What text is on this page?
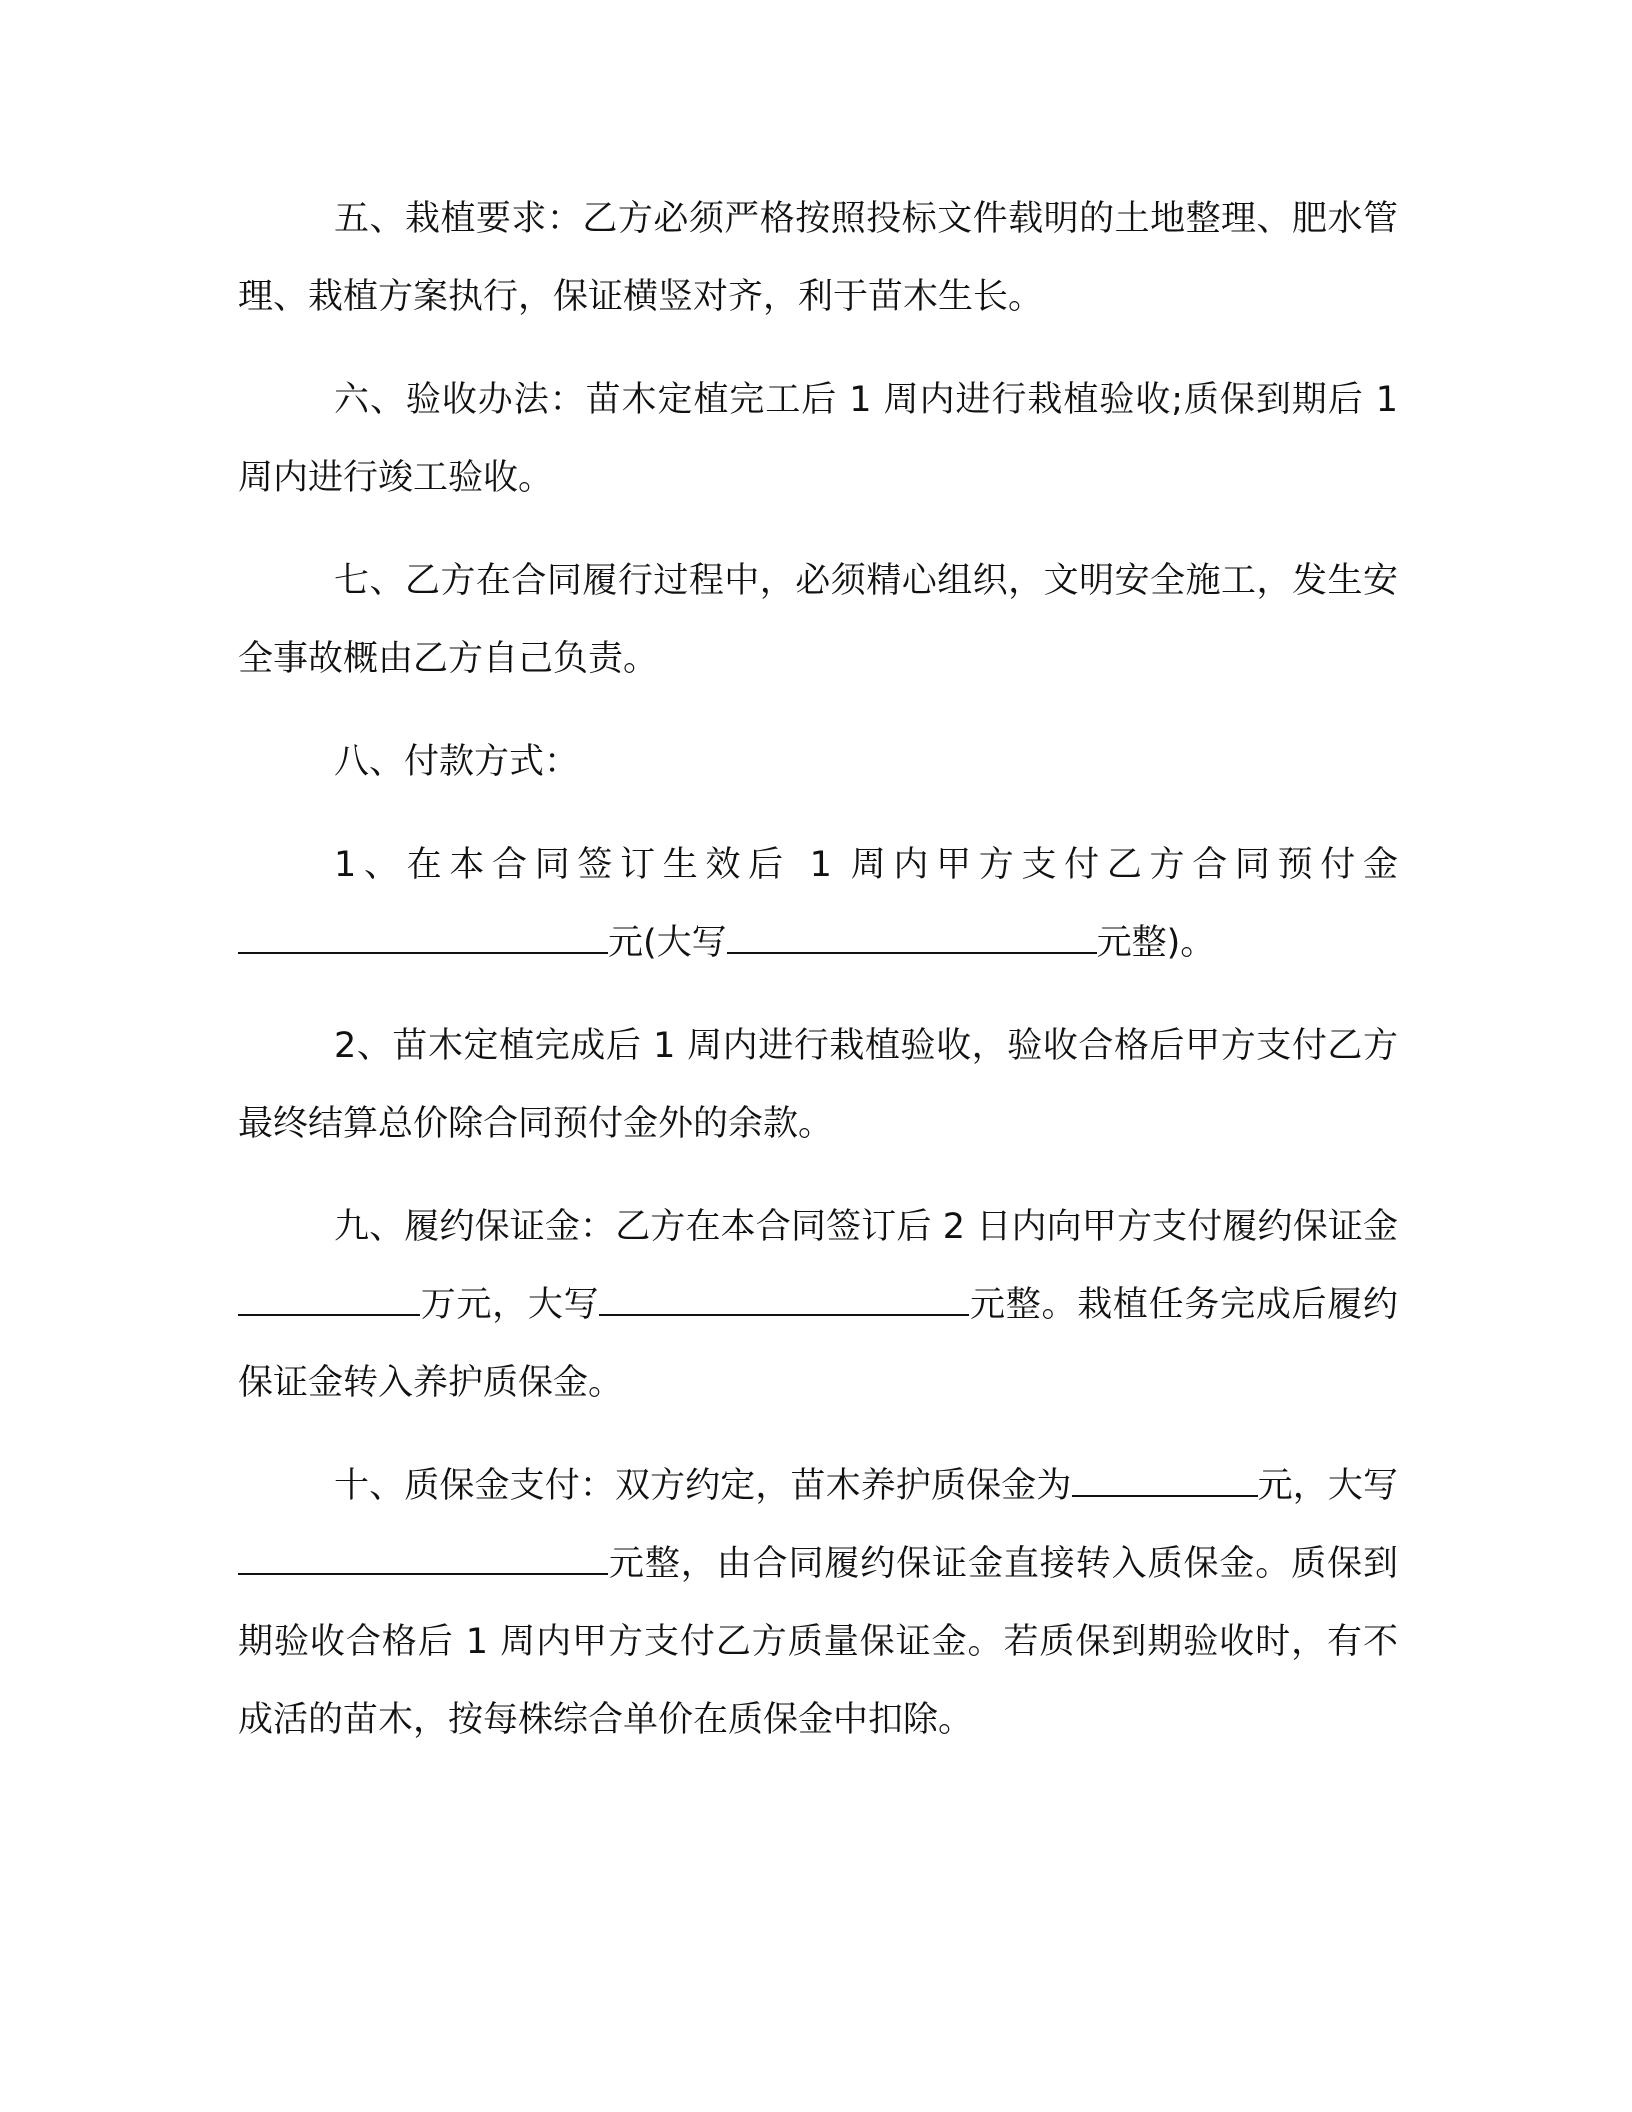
五、栽植要求：乙方必须严格按照投标文件载明的土地整理、肥水管理、栽植方案执行，保证横竖对齐，利于苗木生长。

六、验收办法：苗木定植完工后 1 周内进行栽植验收;质保到期后 1 周内进行竣工验收。

七、乙方在合同履行过程中，必须精心组织，文明安全施工，发生安全事故概由乙方自己负责。

八、付款方式：

1、在本合同签订生效后 1 周内甲方支付乙方合同预付金元(大写	元整)。

2、苗木定植完成后 1 周内进行栽植验收，验收合格后甲方支付乙方最终结算总价除合同预付金外的余款。

九、履约保证金：乙方在本合同签订后 2 日内向甲方支付履约保证金万元，大写	元整。栽植任务完成后履约保证金转入养护质保金。

十、质保金支付：双方约定，苗木养护质保金为	元，大写元整，由合同履约保证金直接转入质保金。质保到期验收合格后 1 周内甲方支付乙方质量保证金。若质保到期验收时，有不成活的苗木，按每株综合单价在质保金中扣除。
